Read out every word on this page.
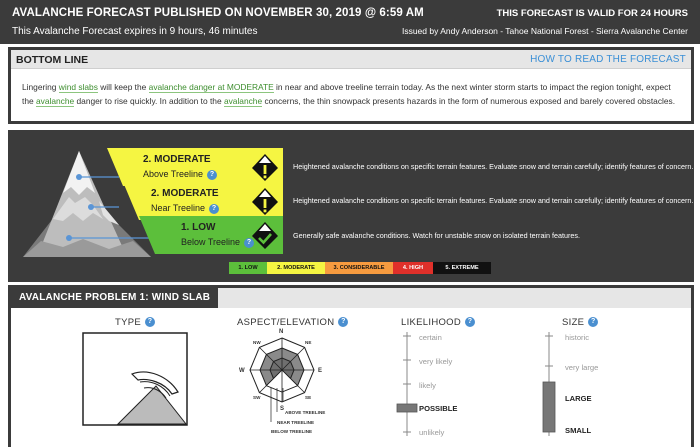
AVALANCHE FORECAST PUBLISHED ON NOVEMBER 30, 2019 @ 6:59 AM
This Avalanche Forecast expires in 9 hours, 46 minutes
THIS FORECAST IS VALID FOR 24 HOURS
Issued by Andy Anderson - Tahoe National Forest - Sierra Avalanche Center
BOTTOM LINE	HOW TO READ THE FORECAST
Lingering wind slabs will keep the avalanche danger at MODERATE in near and above treeline terrain today. As the next winter storm starts to impact the region tonight, expect the avalanche danger to rise quickly. In addition to the avalanche concerns, the thin snowpack presents hazards in the form of numerous exposed and barely covered obstacles.
2. MODERATE
Above Treeline ?
Heightened avalanche conditions on specific terrain features. Evaluate snow and terrain carefully; identify features of concern.
2. MODERATE
Near Treeline ?
Heightened avalanche conditions on specific terrain features. Evaluate snow and terrain carefully; identify features of concern.
1. LOW
Below Treeline ?
Generally safe avalanche conditions. Watch for unstable snow on isolated terrain features.
1. LOW	2. MODERATE	3. CONSIDERABLE	4. HIGH	5. EXTREME
AVALANCHE PROBLEM 1: WIND SLAB
TYPE ?	ASPECT/ELEVATION ?
N
E
S
W
NE
SE
SW
NW
ABOVE TREELINE
NEAR TREELINE
BELOW TREELINE
LIKELIHOOD ?
certain
very likely
likely
POSSIBLE
unlikely
SIZE ?
historic
very large
LARGE
SMALL
